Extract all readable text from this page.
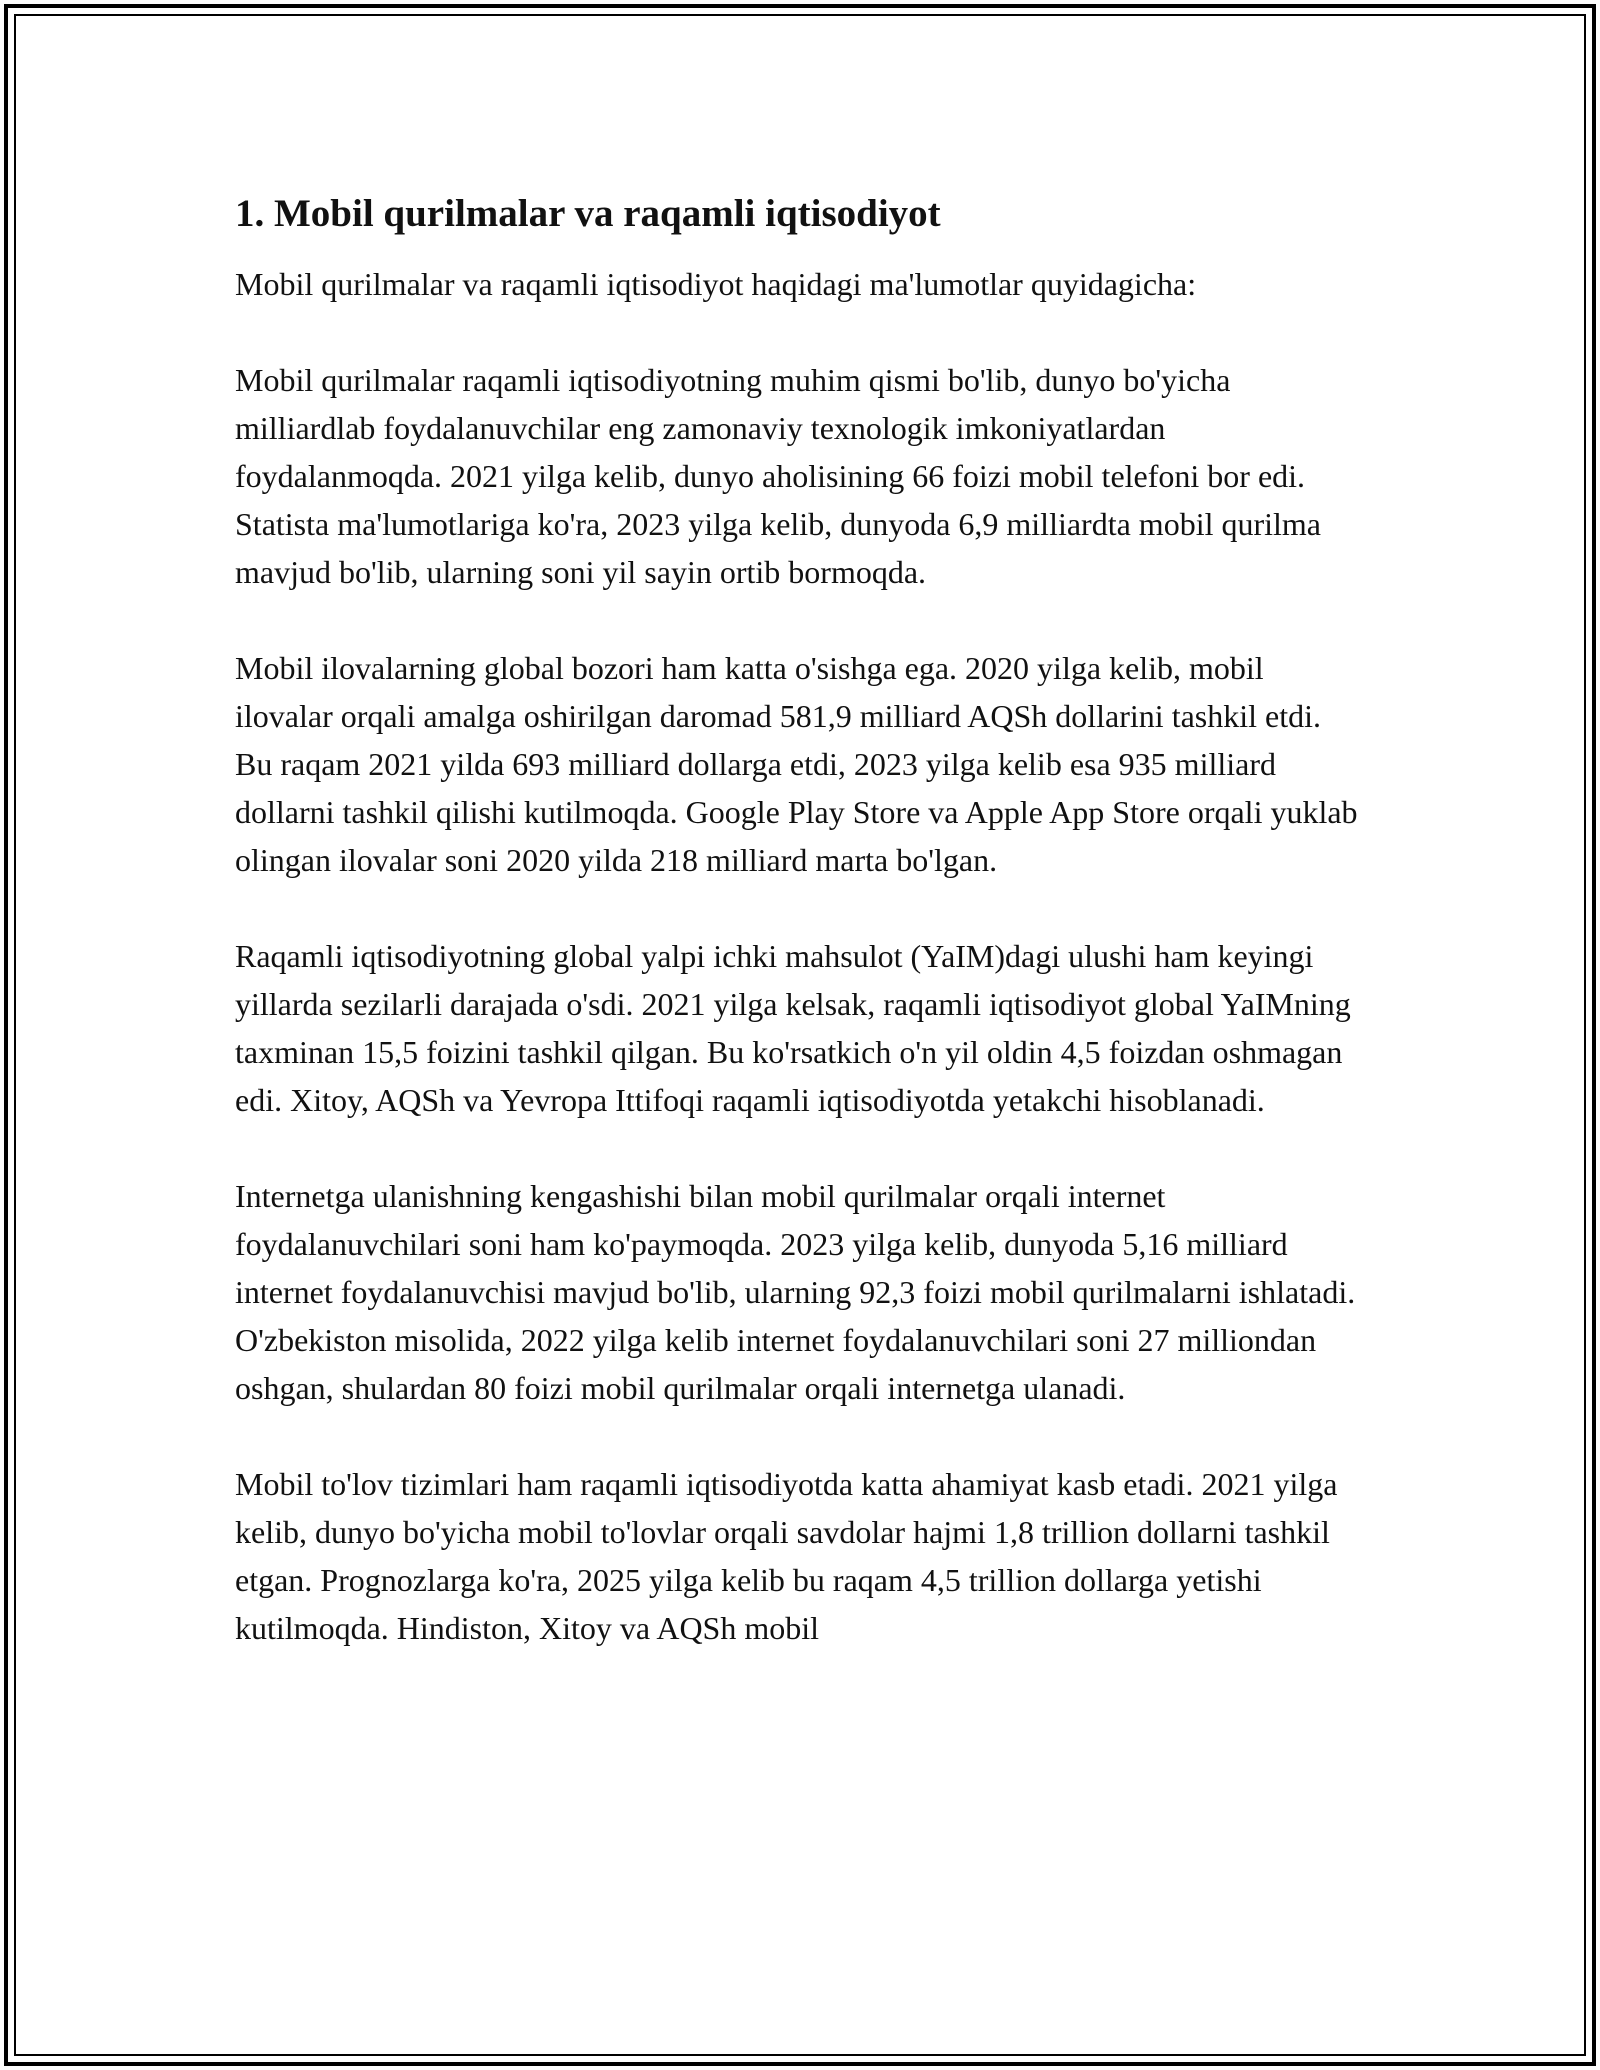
1. Mobil qurilmalar va raqamli iqtisodiyot

Mobil qurilmalar va raqamli iqtisodiyot haqidagi ma'lumotlar quyidagicha:

Mobil qurilmalar raqamli iqtisodiyotning muhim qismi bo'lib, dunyo bo'yicha milliardlab foydalanuvchilar eng zamonaviy texnologik imkoniyatlardan foydalanmoqda. 2021 yilga kelib, dunyo aholisining 66 foizi mobil telefoni bor edi. Statista ma'lumotlariga ko'ra, 2023 yilga kelib, dunyoda 6,9 milliardta mobil qurilma mavjud bo'lib, ularning soni yil sayin ortib bormoqda.

Mobil ilovalarning global bozori ham katta o'sishga ega. 2020 yilga kelib, mobil ilovalar orqali amalga oshirilgan daromad 581,9 milliard AQSh dollarini tashkil etdi. Bu raqam 2021 yilda 693 milliard dollarga etdi, 2023 yilga kelib esa 935 milliard dollarni tashkil qilishi kutilmoqda. Google Play Store va Apple App Store orqali yuklab olingan ilovalar soni 2020 yilda 218 milliard marta bo'lgan.

Raqamli iqtisodiyotning global yalpi ichki mahsulot (YaIM)dagi ulushi ham keyingi yillarda sezilarli darajada o'sdi. 2021 yilga kelsak, raqamli iqtisodiyot global YaIMning taxminan 15,5 foizini tashkil qilgan. Bu ko'rsatkich o'n yil oldin 4,5 foizdan oshmagan edi. Xitoy, AQSh va Yevropa Ittifoqi raqamli iqtisodiyotda yetakchi hisoblanadi.

Internetga ulanishning kengashishi bilan mobil qurilmalar orqali internet foydalanuvchilari soni ham ko'paymoqda. 2023 yilga kelib, dunyoda 5,16 milliard internet foydalanuvchisi mavjud bo'lib, ularning 92,3 foizi mobil qurilmalarni ishlatadi. O'zbekiston misolida, 2022 yilga kelib internet foydalanuvchilari soni 27 milliondan oshgan, shulardan 80 foizi mobil qurilmalar orqali internetga ulanadi.

Mobil to'lov tizimlari ham raqamli iqtisodiyotda katta ahamiyat kasb etadi. 2021 yilga kelib, dunyo bo'yicha mobil to'lovlar orqali savdolar hajmi 1,8 trillion dollarni tashkil etgan. Prognozlarga ko'ra, 2025 yilga kelib bu raqam 4,5 trillion dollarga yetishi kutilmoqda. Hindiston, Xitoy va AQSh mobil
